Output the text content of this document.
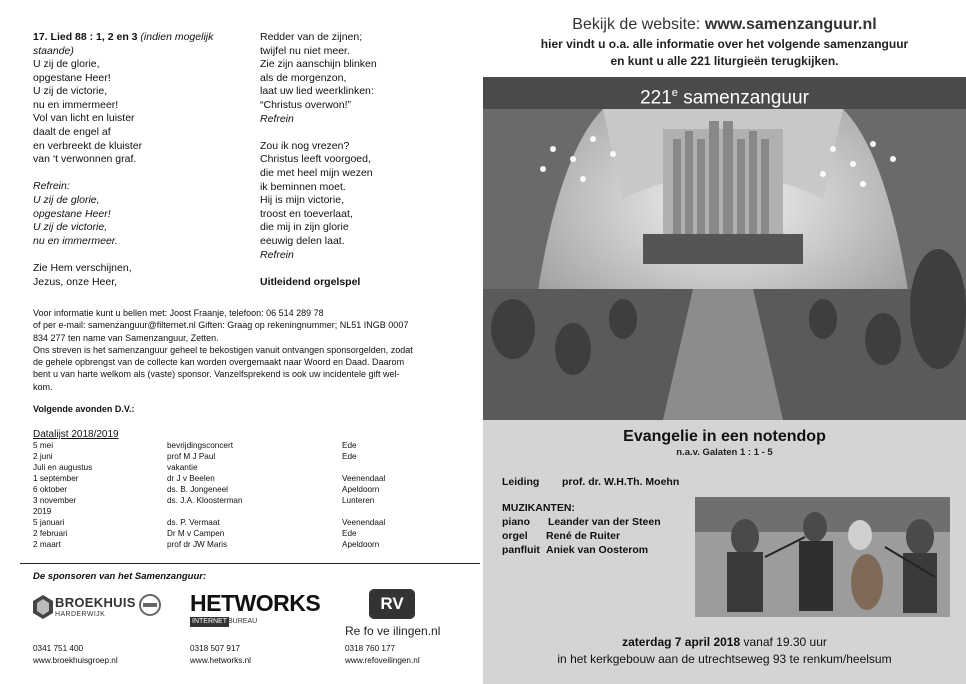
17. Lied 88 : 1, 2 en 3 (indien mogelijk staande)
U zij de glorie,
opgestane Heer!
U zij de victorie,
nu en immermeer!
Vol van licht en luister
daalt de engel af
en verbreekt de kluister
van ‘t verwonnen graf.
Refrein:
U zij de glorie,
opgestane Heer!
U zij de victorie,
nu en immermeer.
Zie Hem verschijnen,
Jezus, onze Heer,
Redder van de zijnen;
twijfel nu niet meer.
Zie zijn aanschijn blinken
als de morgenzon,
laat uw lied weerklinken:
“Christus overwon!”
Refrein
Zou ik nog vrezen?
Christus leeft voorgoed,
die met heel mijn wezen
ik beminnen moet.
Hij is mijn victorie,
troost en toeverlaat,
die mij in zijn glorie
eeuwig delen laat.
Refrein
Uitleidend orgelspel
Voor informatie kunt u bellen met: Joost Fraanje, telefoon: 06 514 289 78
of per e-mail: samenzanguur@filternet.nl Giften: Graag op rekeningnummer; NL51 INGB 0007
834 277 ten name van Samenzanguur, Zetten.
Ons streven is het samenzanguur geheel te bekostigen vanuit ontvangen sponsorgelden, zodat
de gehele opbrengst van de collecte kan worden overgemaakt naar Woord en Daad. Daarom
bent u van harte welkom als (vaste) sponsor. Vanzelfsprekend is ook uw incidentele gift wel-
kom.
Volgende avonden D.V.:
Datalijst 2018/2019
5 mei	bevrijdingsconcert	Ede
2 juni	prof M J Paul	Ede
Juli en augustus	vakantie
1 september	dr J v Beelen	Veenendaal
6 oktober	ds. B. Jongeneel	Apeldoorn
3 november	ds. J.A. Kloosterman	Lunteren
2019
5 januari	ds. P. Vermaat	Veenendaal
2 februari	Dr M v Campen	Ede
2 maart	prof dr JW Maris	Apeldoorn
De sponsoren van het Samenzanguur:
BROEKHUIS
HARDERWIJK
0341 751 400
www.broekhuisgroep.nl
HETWORKS
INTERNET BUREAU
0318 507 917
www.hetworks.nl
RV
Re fo ve ilingen.nl
0318 760 177
www.refoveilingen.nl
Bekijk de website: www.samenzanguur.nl
hier vindt u o.a. alle informatie over het volgende samenzanguur
en kunt u alle 221 liturgieën terugkijken.
221e samenzanguur
Evangelie in een notendop
n.a.v. Galaten 1 : 1 - 5
Leiding prof. dr. W.H.Th. Moehn
MUZIKANTEN:
piano Leander van der Steen
orgel René de Ruiter
panfluit Aniek van Oosterom
zaterdag 7 april 2018 vanaf 19.30 uur
in het kerkgebouw aan de utrechtseweg 93 te renkum/heelsum
